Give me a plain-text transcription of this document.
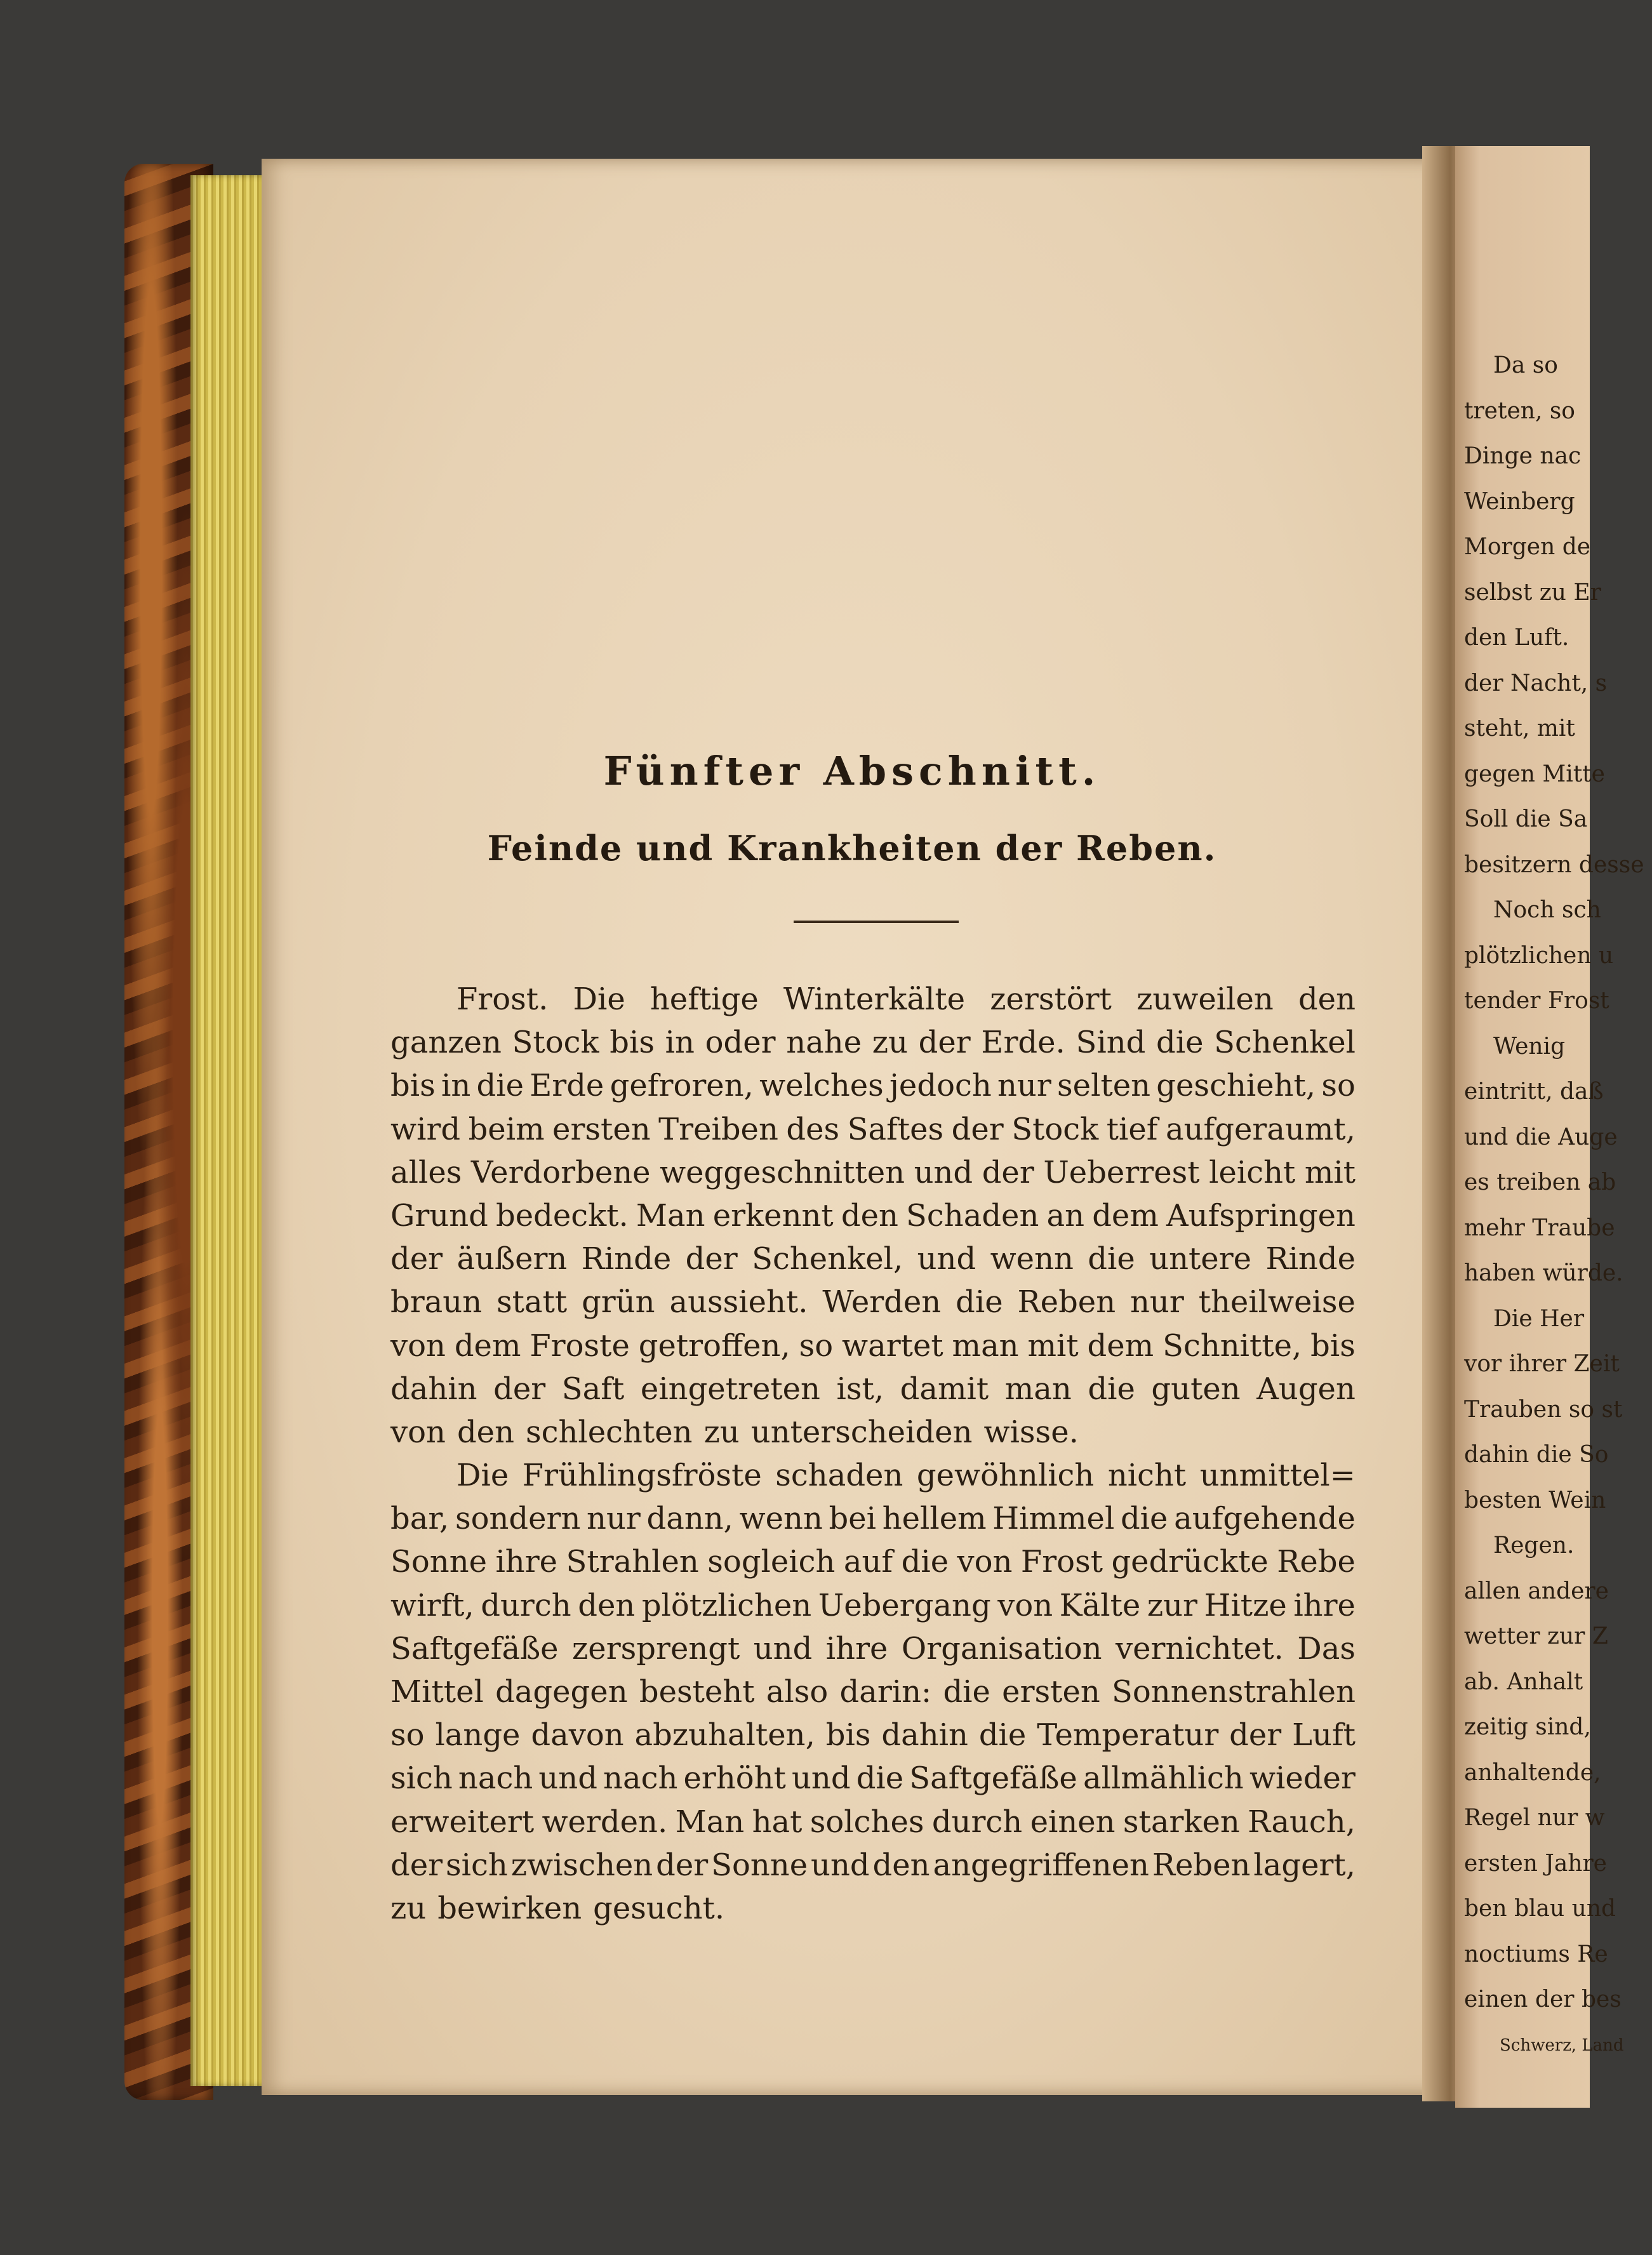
Da so
treten, so
Dinge nac
Weinberg
Morgen de
selbst zu Er
den Luft.
der Nacht, s
steht, mit
gegen Mitte
Soll die Sa
besitzern desse
Noch sch
plötzlichen u
tender Frost
Wenig
eintritt, daß
und die Auge
es treiben ab
mehr Traube
haben würde.
Die Her
vor ihrer Zeit
Trauben so st
dahin die So
besten Wein
Regen.
allen andere
wetter zur Z
ab. Anhalt
zeitig sind,
anhaltende,
Regel nur w
ersten Jahre
ben blau und
noctiums Re
einen der bes
Schwerz, Land
Fünfter Abschnitt.
Feinde und Krankheiten der Reben.
Frost. Die heftige Winterkälte zerstört zuweilen den
ganzen Stock bis in oder nahe zu der Erde. Sind die Schenkel
bis in die Erde gefroren, welches jedoch nur selten geschieht, so
wird beim ersten Treiben des Saftes der Stock tief aufgeraumt,
alles Verdorbene weggeschnitten und der Ueberrest leicht mit
Grund bedeckt. Man erkennt den Schaden an dem Aufspringen
der äußern Rinde der Schenkel, und wenn die untere Rinde
braun statt grün aussieht. Werden die Reben nur theilweise
von dem Froste getroffen, so wartet man mit dem Schnitte, bis
dahin der Saft eingetreten ist, damit man die guten Augen
von den schlechten zu unterscheiden wisse.
Die Frühlingsfröste schaden gewöhnlich nicht unmittel=
bar, sondern nur dann, wenn bei hellem Himmel die aufgehende
Sonne ihre Strahlen sogleich auf die von Frost gedrückte Rebe
wirft, durch den plötzlichen Uebergang von Kälte zur Hitze ihre
Saftgefäße zersprengt und ihre Organisation vernichtet. Das
Mittel dagegen besteht also darin: die ersten Sonnenstrahlen
so lange davon abzuhalten, bis dahin die Temperatur der Luft
sich nach und nach erhöht und die Saftgefäße allmählich wieder
erweitert werden. Man hat solches durch einen starken Rauch,
der sich zwischen der Sonne und den angegriffenen Reben lagert,
zu bewirken gesucht.
